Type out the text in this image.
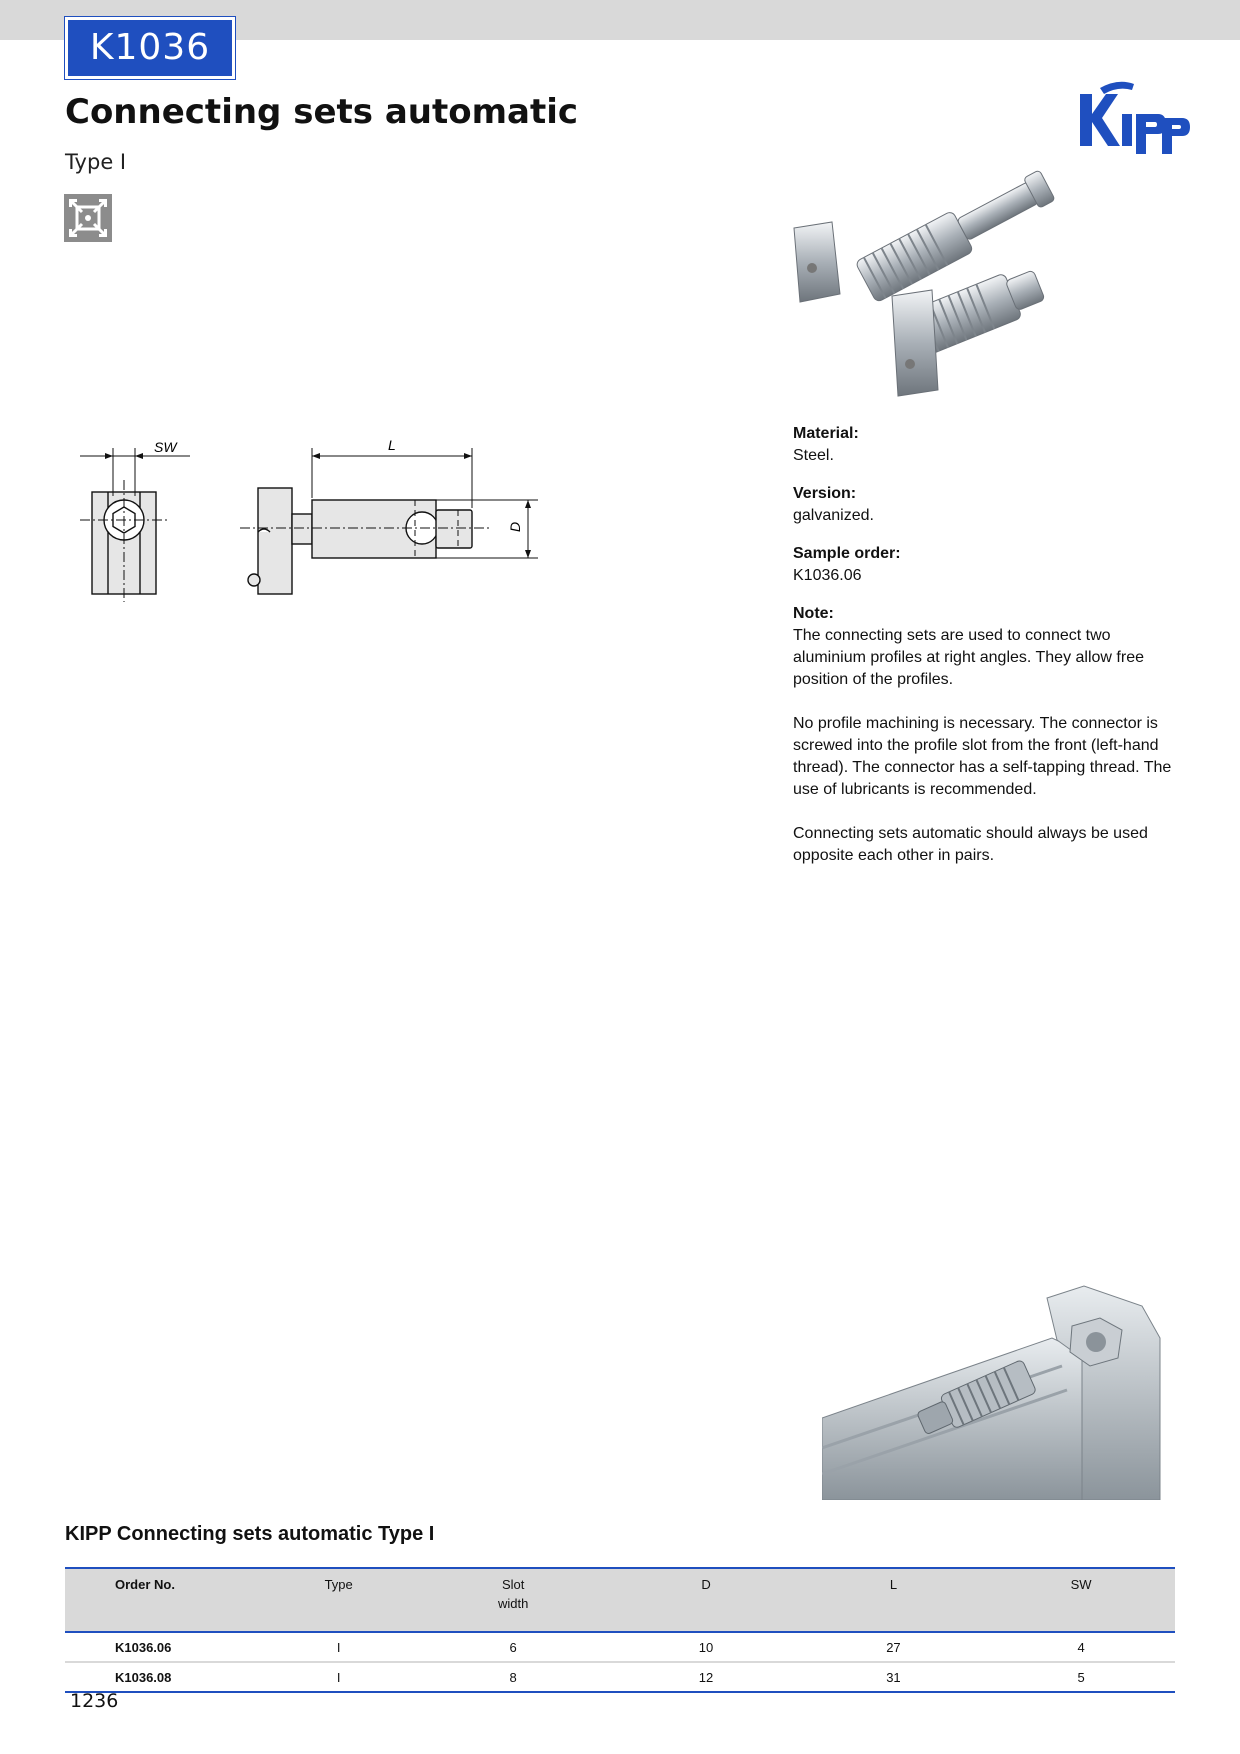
K1036
Connecting sets automatic
Type I
SW	L
D

Material:

Steel.

Version:

galvanized.

Sample order:

K1036.06

Note:

The connecting sets are used to connect two aluminium profiles at right angles. They allow free position of the profiles.

No profile machining is necessary. The connector is screwed into the profile slot from the front (left-hand thread). The connector has a self-tapping thread. The use of lubricants is recommended.

Connecting sets automatic should always be used opposite each other in pairs.

KIPP Connecting sets automatic Type I
Order No.	Type	Slot width	D	L	SW
K1036.06	I	6	10	27	4
K1036.08	I	8	12	31	5
1236
